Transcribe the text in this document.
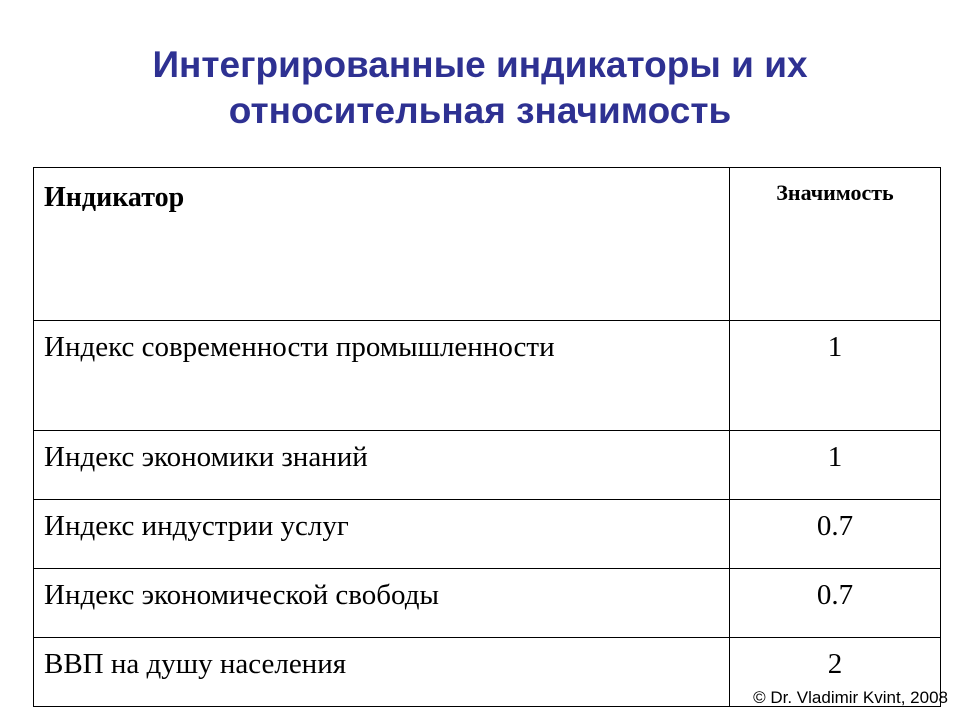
Интегрированные индикаторы и их
относительная значимость
Индикатор	Значимость
Индекс современности промышленности	1
Индекс экономики знаний	1
Индекс индустрии услуг	0.7
Индекс экономической свободы	0.7
ВВП на душу населения	2
© Dr. Vladimir Kvint, 2008
